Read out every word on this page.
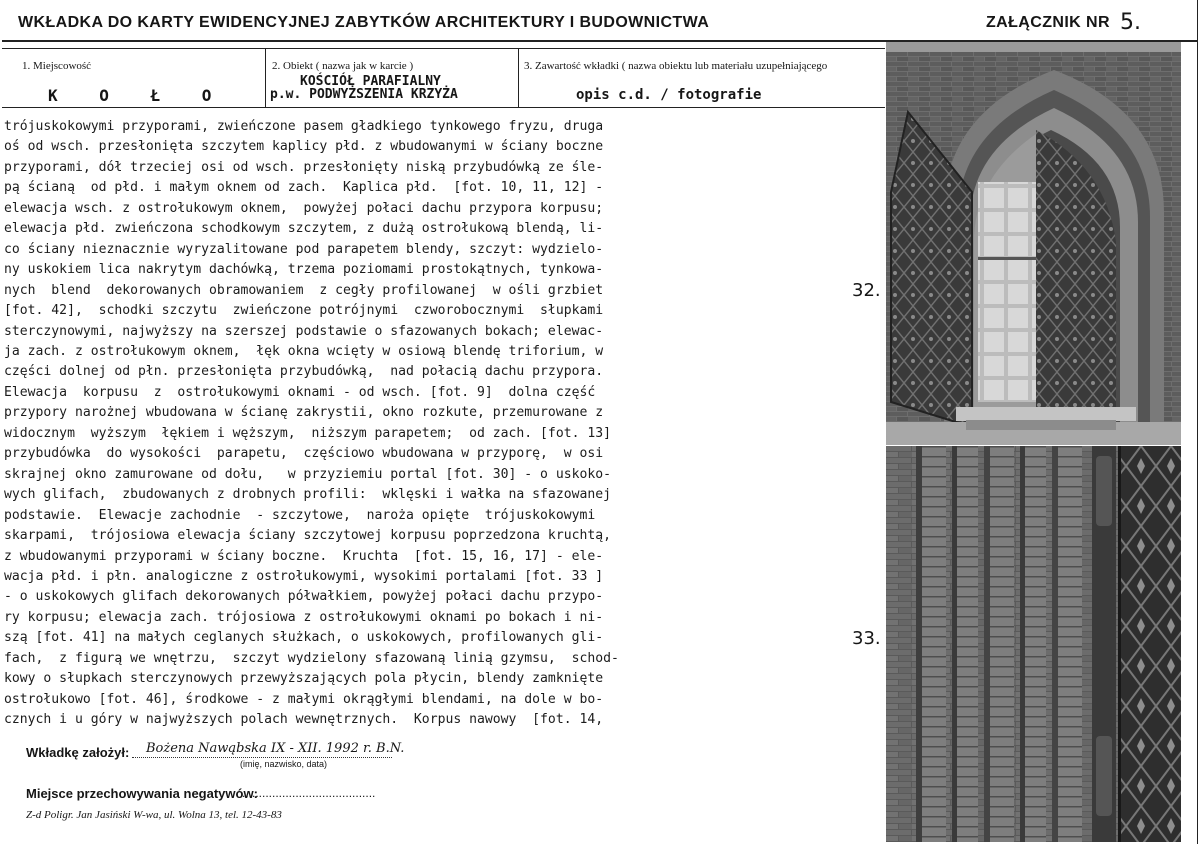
WKŁADKA DO KARTY EWIDENCYJNEJ ZABYTKÓW ARCHITEKTURY I BUDOWNICTWA	ZAŁĄCZNIK NR 5.
1. Miejscowość
K O Ł O
2. Obiekt ( nazwa jak w karcie )
KOŚCIÓŁ PARAFIALNY
p.w. PODWYŻSZENIA KRZYŻA
3. Zawartość wkładki ( nazwa obiektu lub materiału uzupełniającego
opis c.d. / fotografie
trójuskokowymi przyporami, zwieńczone pasem gładkiego tynkowego fryzu, druga
oś od wsch. przesłonięta szczytem kaplicy płd. z wbudowanymi w ściany boczne
przyporami, dół trzeciej osi od wsch. przesłonięty niską przybudówką ze śle-
pą ścianą  od płd. i małym oknem od zach.  Kaplica płd.  [fot. 10, 11, 12] -
elewacja wsch. z ostrołukowym oknem,  powyżej połaci dachu przypora korpusu;
elewacja płd. zwieńczona schodkowym szczytem, z dużą ostrołukową blendą, li-
co ściany nieznacznie wyryzalitowane pod parapetem blendy, szczyt: wydzielo-
ny uskokiem lica nakrytym dachówką, trzema poziomami prostokątnych, tynkowa-
nych  blend  dekorowanych obramowaniem  z cegły profilowanej  w ośli grzbiet
[fot. 42],  schodki szczytu  zwieńczone potrójnymi  czworobocznymi  słupkami
sterczynowymi, najwyższy na szerszej podstawie o sfazowanych bokach; elewac-
ja zach. z ostrołukowym oknem,  łęk okna wcięty w osiową blendę triforium, w
części dolnej od płn. przesłonięta przybudówką,  nad połacią dachu przypora.
Elewacja  korpusu  z  ostrołukowymi oknami - od wsch. [fot. 9]  dolna część
przypory narożnej wbudowana w ścianę zakrystii, okno rozkute, przemurowane z
widocznym  wyższym  łękiem i węższym,  niższym parapetem;  od zach. [fot. 13]
przybudówka  do wysokości  parapetu,  częściowo wbudowana w przyporę,  w osi
skrajnej okno zamurowane od dołu,   w przyziemiu portal [fot. 30] - o uskoko-
wych glifach,  zbudowanych z drobnych profili:  wklęski i wałka na sfazowanej
podstawie.  Elewacje zachodnie  - szczytowe,  naroża opięte  trójuskokowymi
skarpami,  trójosiowa elewacja ściany szczytowej korpusu poprzedzona kruchtą,
z wbudowanymi przyporami w ściany boczne.  Kruchta  [fot. 15, 16, 17] - ele-
wacja płd. i płn. analogiczne z ostrołukowymi, wysokimi portalami [fot. 33 ]
- o uskokowych glifach dekorowanych półwałkiem, powyżej połaci dachu przypo-
ry korpusu; elewacja zach. trójosiowa z ostrołukowymi oknami po bokach i ni-
szą [fot. 41] na małych ceglanych służkach, o uskokowych, profilowanych gli-
fach,  z figurą we wnętrzu,  szczyt wydzielony sfazowaną linią gzymsu,  schod-
kowy o słupkach sterczynowych przewyższających pola płycin, blendy zamknięte
ostrołukowo [fot. 46], środkowe - z małymi okrągłymi blendami, na dole w bo-
cznych i u góry w najwyższych polach wewnętrznych.  Korpus nawowy  [fot. 14,
Wkładkę założył: Bożena Nawąbska IX - XII. 1992 r. B.N.
(imię, nazwisko, data)
Miejsce przechowywania negatywów:
........................................
Z-d Poligr. Jan Jasiński W-wa, ul. Wolna 13, tel. 12-43-83
32.
33.
